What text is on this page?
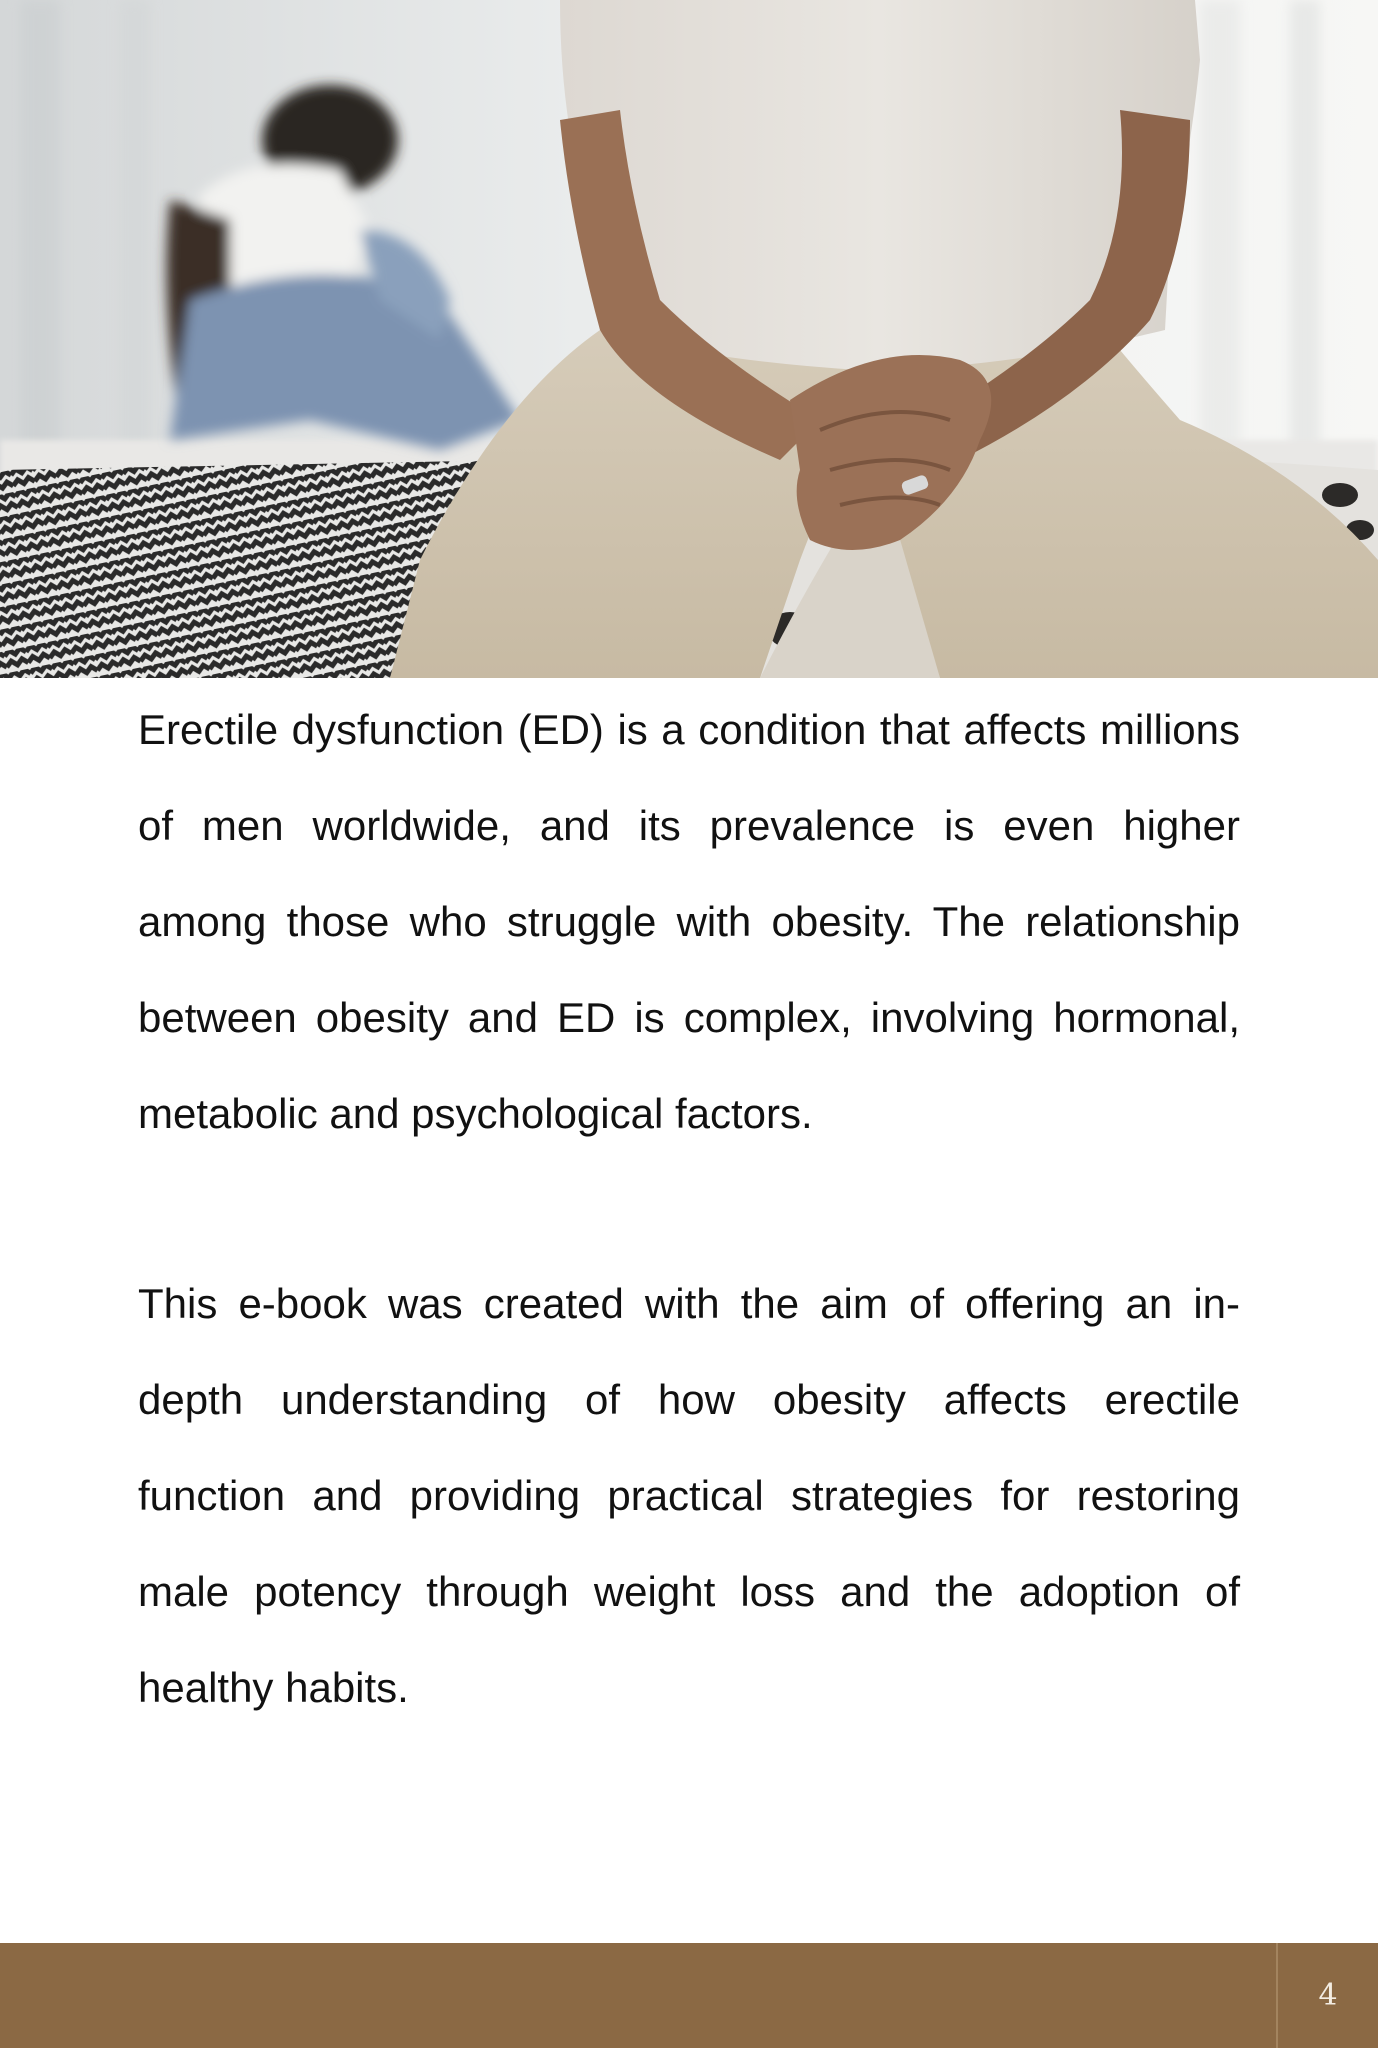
Erectile dysfunction (ED) is a condition that affects millions of men worldwide, and its prevalence is even higher among those who struggle with obesity. The relationship between obesity and ED is complex, involving hormonal, metabolic and psychological factors.

This e-book was created with the aim of offering an in-depth understanding of how obesity affects erectile function and providing practical strategies for restoring male potency through weight loss and the adoption of healthy habits.

4
